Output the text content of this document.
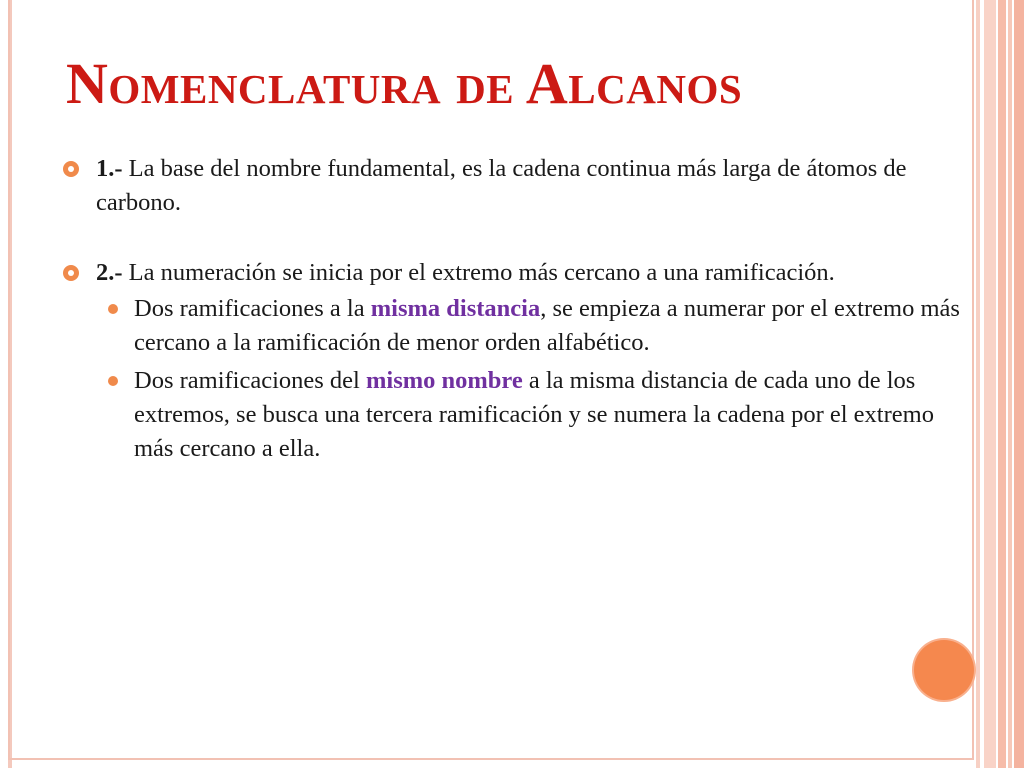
Nomenclatura de Alcanos

1.- La base del nombre fundamental, es la cadena continua más larga de átomos de carbono.

2.- La numeración se inicia por el extremo más cercano a una ramificación.

Dos ramificaciones a la misma distancia, se empieza a numerar por el extremo más cercano a la ramificación de menor orden alfabético.

Dos ramificaciones del mismo nombre a la misma distancia de cada uno de los extremos, se busca una tercera ramificación y se numera la cadena por el extremo más cercano a ella.
